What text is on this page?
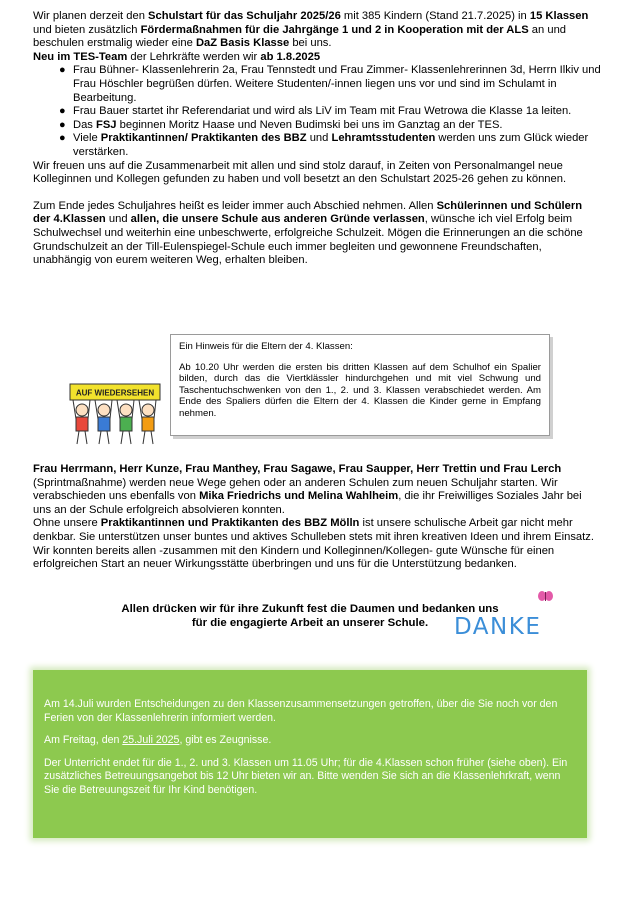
Wir planen derzeit den Schulstart für das Schuljahr 2025/26 mit 385 Kindern (Stand 21.7.2025) in 15 Klassen und bieten zusätzlich Fördermaßnahmen für die Jahrgänge 1 und 2 in Kooperation mit der ALS an und beschulen erstmalig wieder eine DaZ Basis Klasse bei uns.

Neu im TES-Team der Lehrkräfte werden wir ab 1.8.2025

● Frau Bühner- Klassenlehrerin 2a, Frau Tennstedt und Frau Zimmer- Klassenlehrerinnen 3d, Herrn Ilkiv und Frau Höschler begrüßen dürfen. Weitere Studenten/-innen liegen uns vor und sind im Schulamt in Bearbeitung.
● Frau Bauer startet ihr Referendariat und wird als LiV im Team mit Frau Wetrowa die Klasse 1a leiten.
● Das FSJ beginnen Moritz Haase und Neven Budimski bei uns im Ganztag an der TES.
● Viele Praktikantinnen/ Praktikanten des BBZ und Lehramtsstudenten werden uns zum Glück wieder verstärken.

Wir freuen uns auf die Zusammenarbeit mit allen und sind stolz darauf, in Zeiten von Personalmangel neue Kolleginnen und Kollegen gefunden zu haben und voll besetzt an den Schulstart 2025-26 gehen zu können.

Zum Ende jedes Schuljahres heißt es leider immer auch Abschied nehmen. Allen Schülerinnen und Schülern der 4.Klassen und allen, die unsere Schule aus anderen Gründe verlassen, wünsche ich viel Erfolg beim Schulwechsel und weiterhin eine unbeschwerte, erfolgreiche Schulzeit. Mögen die Erinnerungen an die schöne Grundschulzeit an der Till-Eulenspiegel-Schule euch immer begleiten und gewonnene Freundschaften, unabhängig von eurem weiteren Weg, erhalten bleiben.

AUF WIEDERSEHEN
Ein Hinweis für die Eltern der 4. Klassen:
Ab 10.20 Uhr werden die ersten bis dritten Klassen auf dem Schulhof ein Spalier bilden, durch das die Viertklässler hindurchgehen und mit viel Schwung und Taschentuchschwenken von den 1., 2. und 3. Klassen verabschiedet werden. Am Ende des Spaliers dürfen die Eltern der 4. Klassen die Kinder gerne in Empfang nehmen.

Frau Herrmann, Herr Kunze, Frau Manthey, Frau Sagawe, Frau Saupper, Herr Trettin und Frau Lerch (Sprintmaßnahme) werden neue Wege gehen oder an anderen Schulen zum neuen Schuljahr starten. Wir verabschieden uns ebenfalls von Mika Friedrichs und Melina Wahlheim, die ihr Freiwilliges Soziales Jahr bei uns an der Schule erfolgreich absolvieren konnten.

Ohne unsere Praktikantinnen und Praktikanten des BBZ Mölln ist unsere schulische Arbeit gar nicht mehr denkbar. Sie unterstützen unser buntes und aktives Schulleben stets mit ihren kreativen Ideen und ihrem Einsatz. Wir konnten bereits allen -zusammen mit den Kindern und Kolleginnen/Kollegen- gute Wünsche für einen erfolgreichen Start an neuer Wirkungsstätte überbringen und uns für die Unterstützung bedanken.

Allen drücken wir für ihre Zukunft fest die Daumen und bedanken uns
für die engagierte Arbeit an unserer Schule.	DANKE

Am 14.Juli wurden Entscheidungen zu den Klassenzusammensetzungen getroffen, über die Sie noch vor den Ferien von der Klassenlehrerin informiert werden.

Am Freitag, den 25.Juli 2025, gibt es Zeugnisse.

Der Unterricht endet für die 1., 2. und 3. Klassen um 11.05 Uhr; für die 4.Klassen schon früher (siehe oben). Ein zusätzliches Betreuungsangebot bis 12 Uhr bieten wir an. Bitte wenden Sie sich an die Klassenlehrkraft, wenn Sie die Betreuungszeit für Ihr Kind benötigen.
